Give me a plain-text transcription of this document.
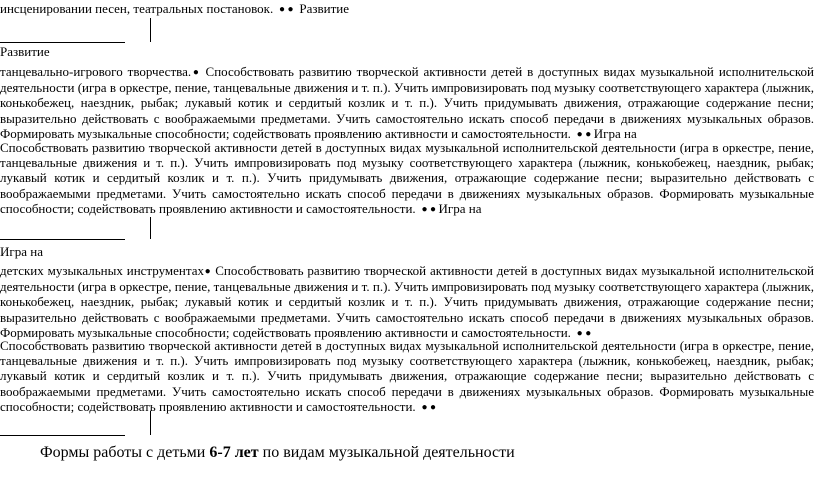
инсценировании песен, театральных постановок.  ● ●  Развитие
Развитие
танцевально-игрового творчества.● Способствовать развитию творческой активности детей в доступных видах музыкальной исполнительской деятельности (игра в оркестре, пение, танцевальные движения и т. п.). Учить импровизировать под музыку соответствующего характера (лыжник, конькобежец, наездник, рыбак; лукавый котик и сердитый козлик и т. п.). Учить придумывать движения, отражающие содержание песни; выразительно действовать с воображаемыми предметами. Учить самостоятельно искать способ передачи в движениях музыкальных образов. Формировать музыкальные способности; содействовать проявлению активности и самостоятельности.  ● ● Игра на
Способствовать развитию творческой активности детей в доступных видах музыкальной исполнительской деятельности (игра в оркестре, пение, танцевальные движения и т. п.). Учить импровизировать под музыку соответствующего характера (лыжник, конькобежец, наездник, рыбак; лукавый котик и сердитый козлик и т. п.). Учить придумывать движения, отражающие содержание песни; выразительно действовать с воображаемыми предметами. Учить самостоятельно искать способ передачи в движениях музыкальных образов. Формировать музыкальные способности; содействовать проявлению активности и самостоятельности.  ● ● Игра на
Игра на
детских музыкальных инструментах● Способствовать развитию творческой активности детей в доступных видах музыкальной исполнительской деятельности (игра в оркестре, пение, танцевальные движения и т. п.). Учить импровизировать под музыку соответствующего характера (лыжник, конькобежец, наездник, рыбак; лукавый котик и сердитый козлик и т. п.). Учить придумывать движения, отражающие содержание песни; выразительно действовать с воображаемыми предметами. Учить самостоятельно искать способ передачи в движениях музыкальных образов. Формировать музыкальные способности; содействовать проявлению активности и самостоятельности.  ● ●
Способствовать развитию творческой активности детей в доступных видах музыкальной исполнительской деятельности (игра в оркестре, пение, танцевальные движения и т. п.). Учить импровизировать под музыку соответствующего характера (лыжник, конькобежец, наездник, рыбак; лукавый котик и сердитый козлик и т. п.). Учить придумывать движения, отражающие содержание песни; выразительно действовать с воображаемыми предметами. Учить самостоятельно искать способ передачи в движениях музыкальных образов. Формировать музыкальные способности; содействовать проявлению активности и самостоятельности.  ● ●
Формы работы с детьми 6-7 лет по видам музыкальной деятельности
